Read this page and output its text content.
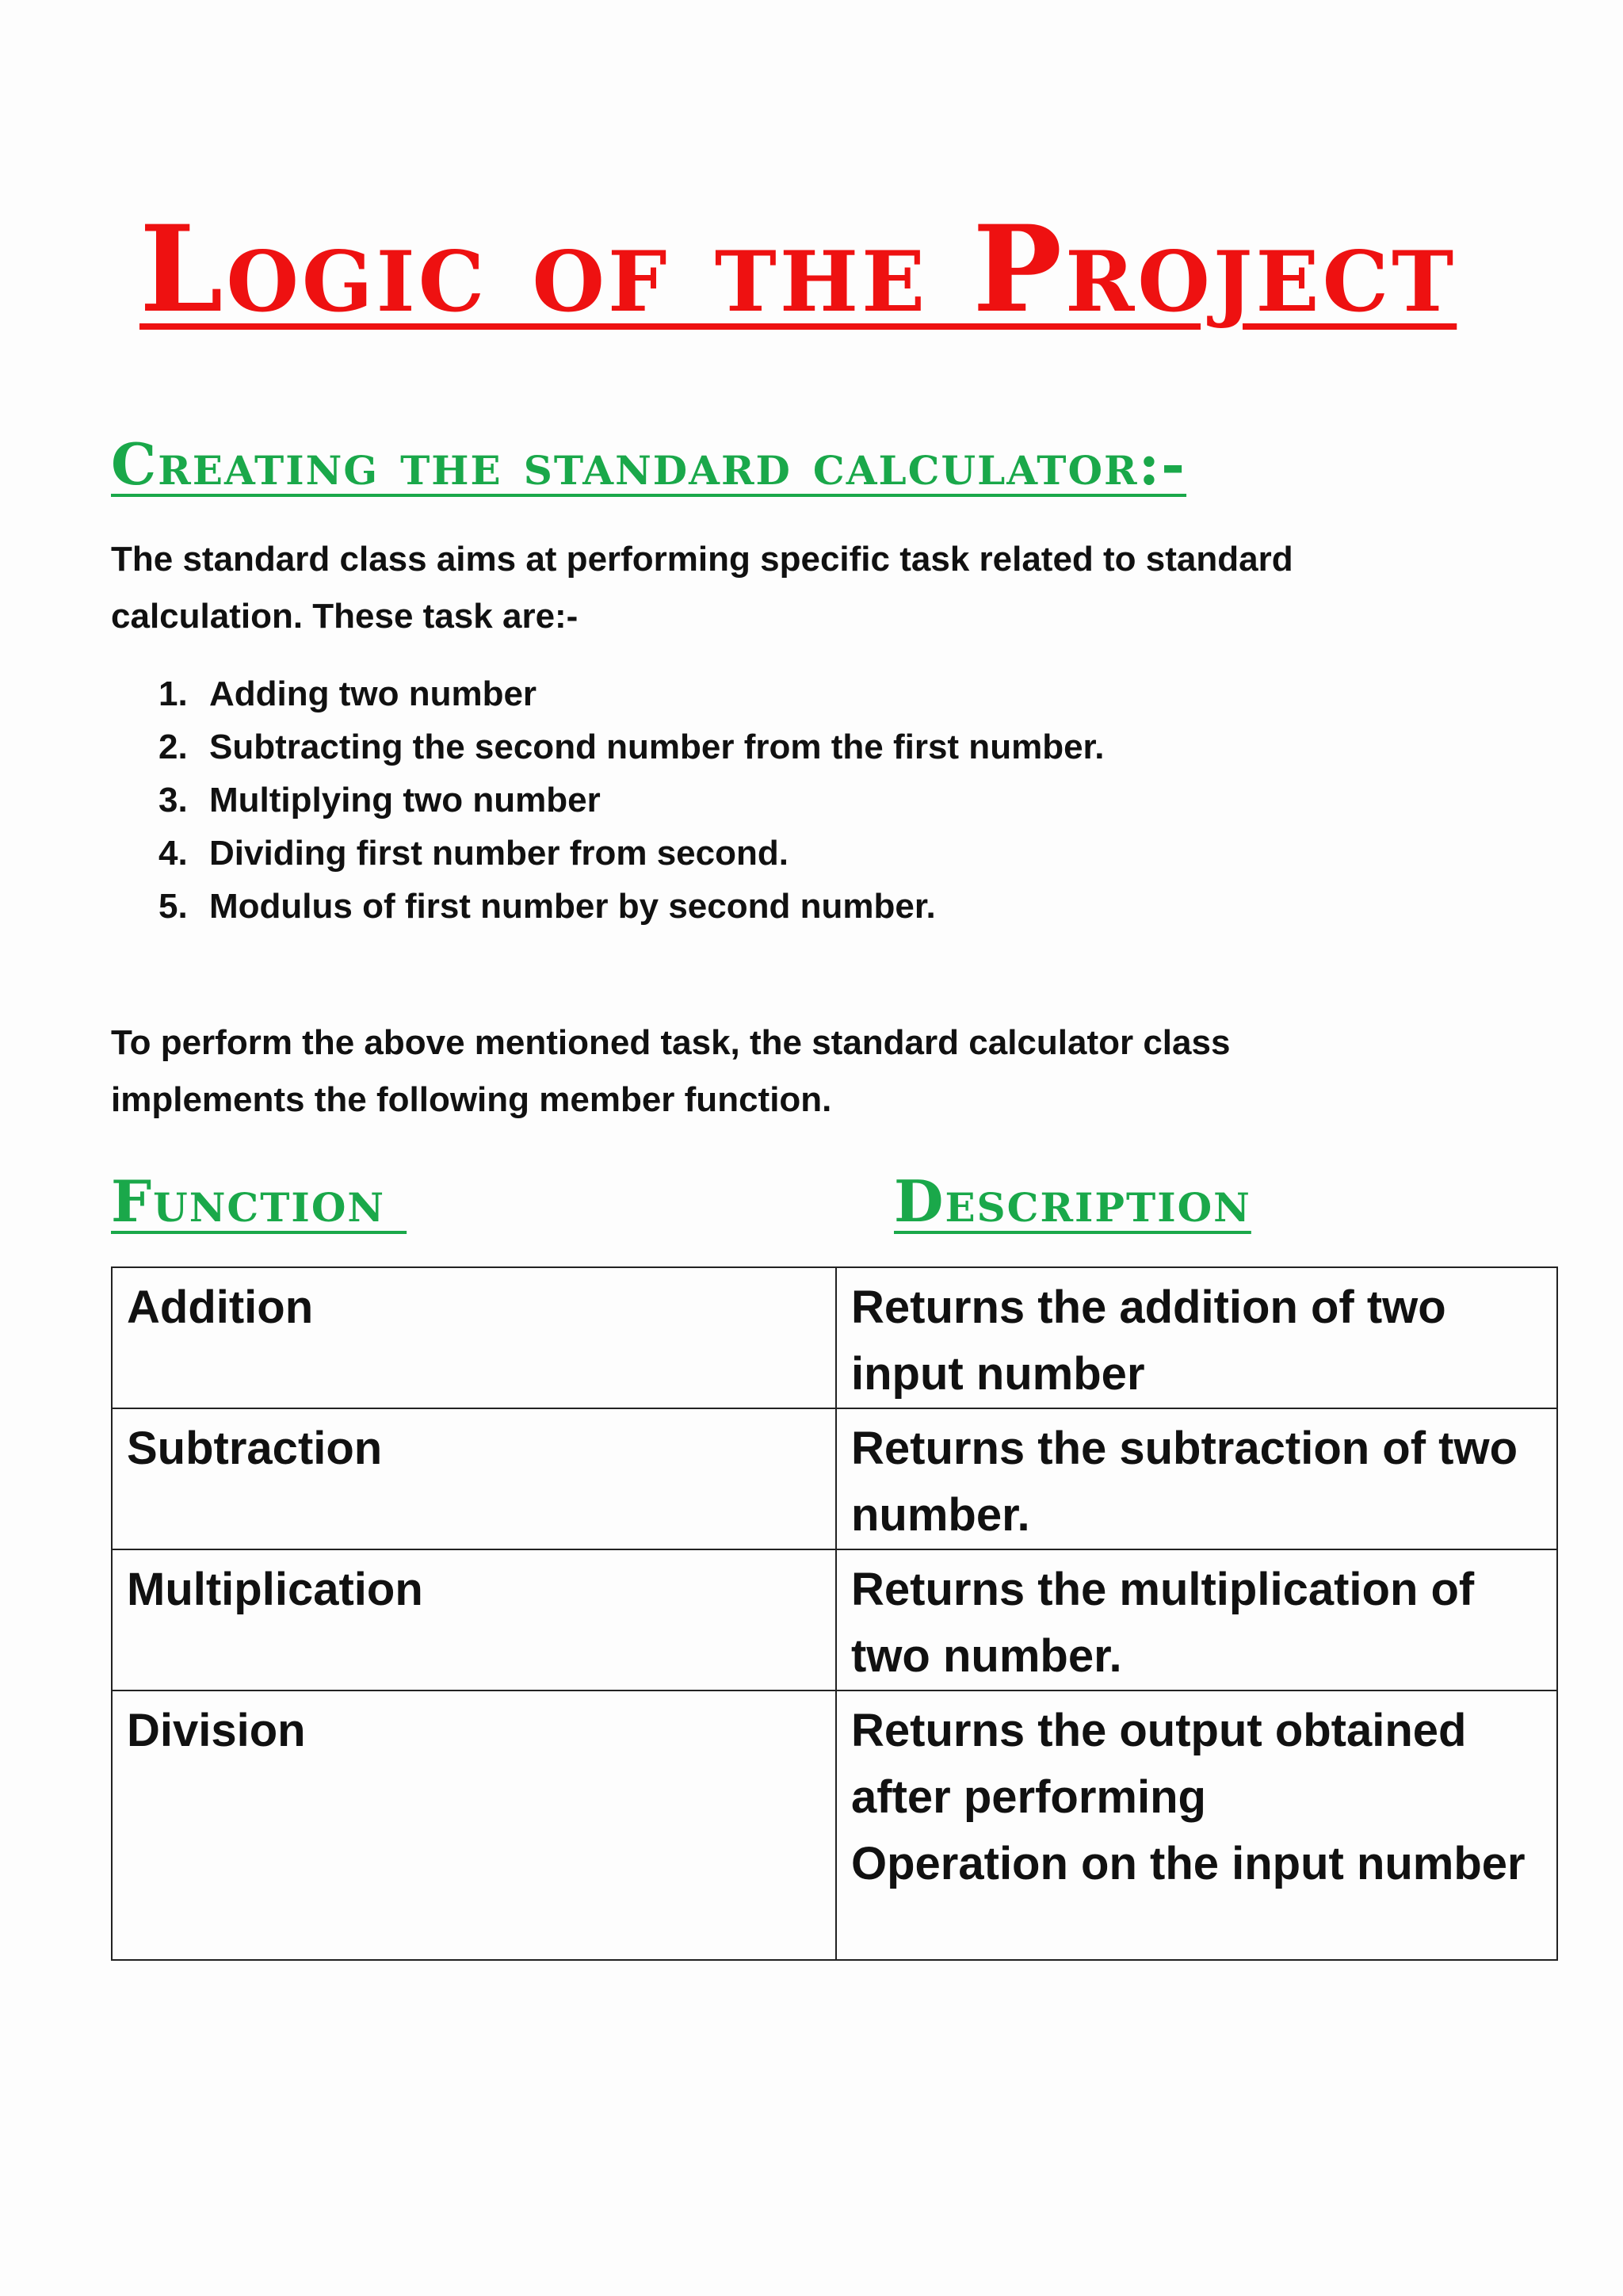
Logic of the Project
Creating the standard calculator:-

The standard class aims at performing specific task related to standard calculation. These task are:-

1. Adding two number
2. Subtracting the second number from the first number.
3. Multiplying two number
4. Dividing first number from second.
5. Modulus of first number by second number.

To perform the above mentioned task, the standard calculator class implements the following member function.

Function	Description
Addition	Returns the addition of two input number
Subtraction	Returns the subtraction of two number.
Multiplication	Returns the multiplication of two number.
Division	Returns the output obtained after performing
Operation on the input number
